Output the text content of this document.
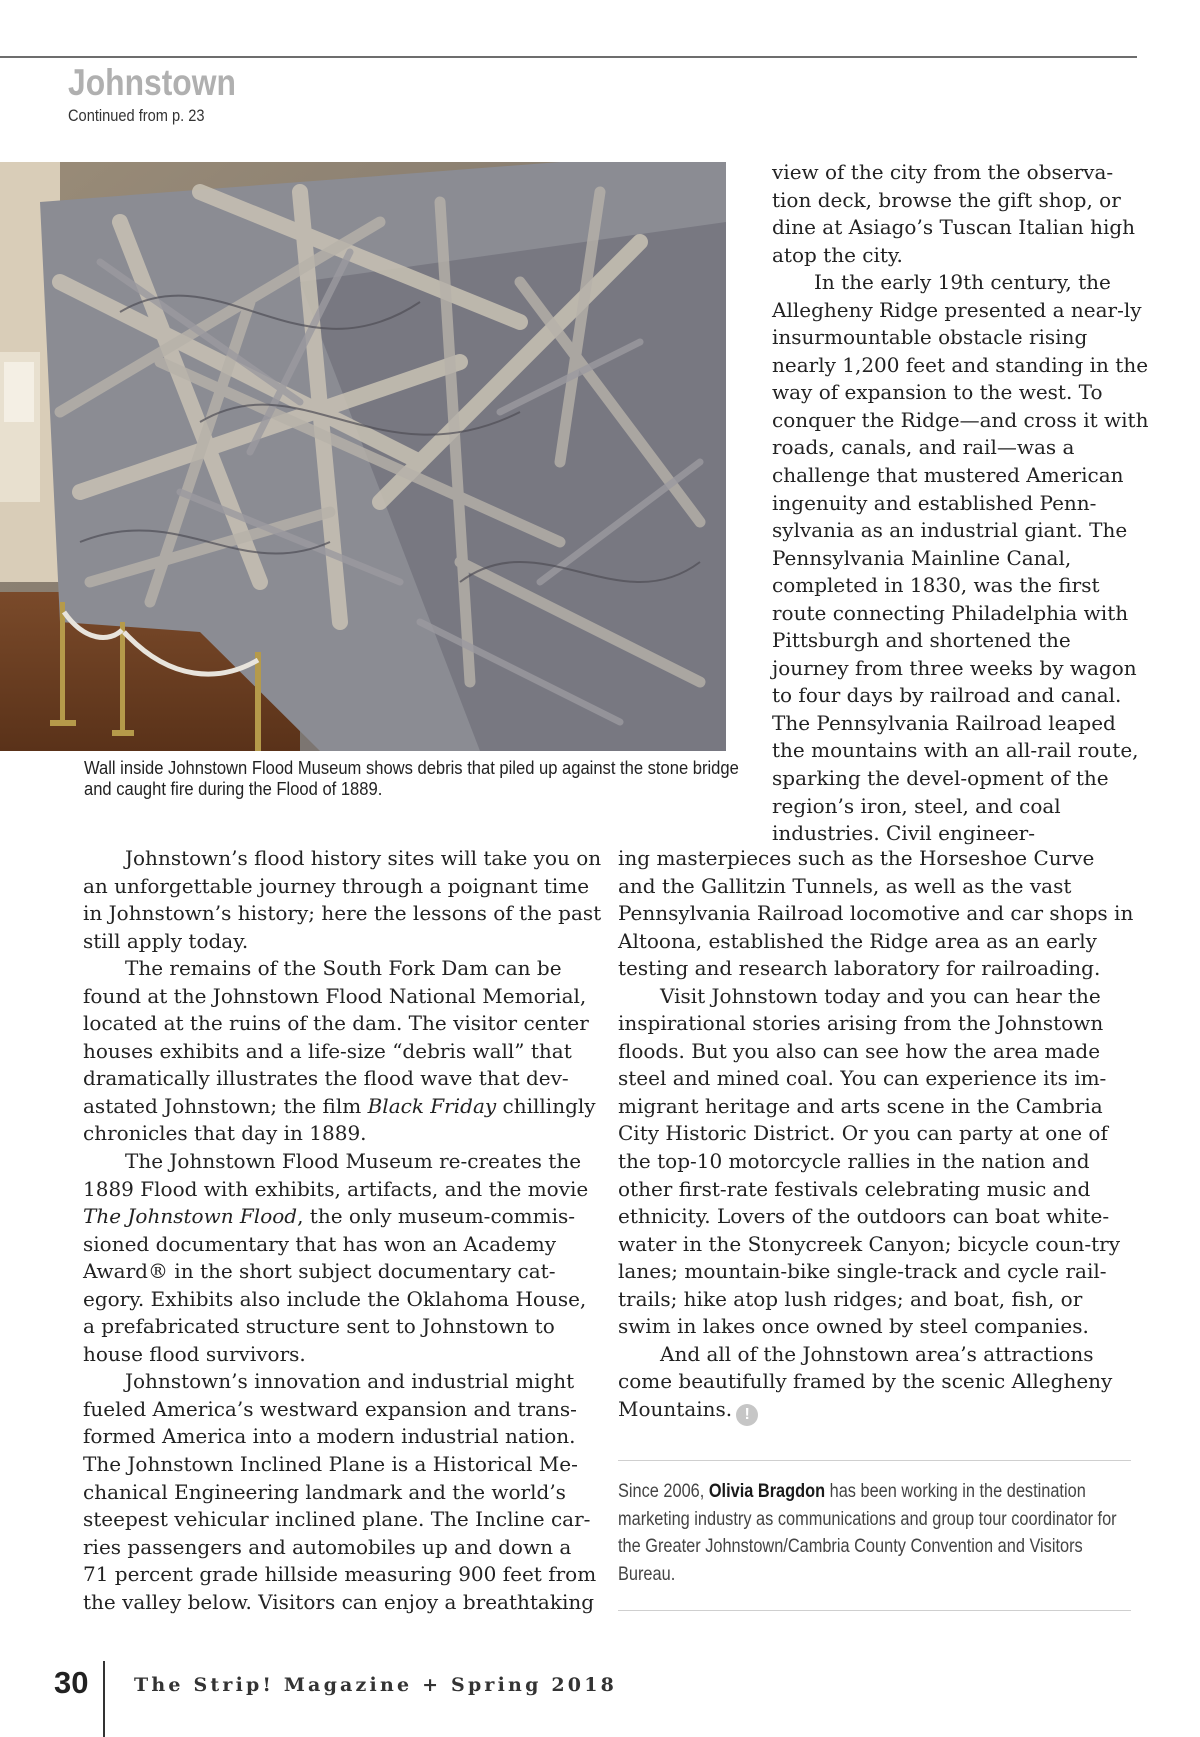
Johnstown
Continued from p. 23
Wall inside Johnstown Flood Museum shows debris that piled up against the stone bridge and caught fire during the Flood of 1889.

view of the city from the observa-tion deck, browse the gift shop, or dine at Asiago’s Tuscan Italian high atop the city.

In the early 19th century, the Allegheny Ridge presented a near-ly insurmountable obstacle rising nearly 1,200 feet and standing in the way of expansion to the west. To conquer the Ridge—and cross it with roads, canals, and rail—was a challenge that mustered American ingenuity and established Penn-sylvania as an industrial giant. The Pennsylvania Mainline Canal, completed in 1830, was the first route connecting Philadelphia with Pittsburgh and shortened the journey from three weeks by wagon to four days by railroad and canal. The Pennsylvania Railroad leaped the mountains with an all-rail route, sparking the devel-opment of the region’s iron, steel, and coal industries. Civil engineer-

Johnstown’s flood history sites will take you on an unforgettable journey through a poignant time in Johnstown’s history; here the lessons of the past still apply today.

The remains of the South Fork Dam can be found at the Johnstown Flood National Memorial, located at the ruins of the dam. The visitor center houses exhibits and a life-size “debris wall” that dramatically illustrates the flood wave that dev-astated Johnstown; the film Black Friday chillingly chronicles that day in 1889.

The Johnstown Flood Museum re-creates the 1889 Flood with exhibits, artifacts, and the movie The Johnstown Flood, the only museum-commis-sioned documentary that has won an Academy Award® in the short subject documentary cat-egory. Exhibits also include the Oklahoma House, a prefabricated structure sent to Johnstown to house flood survivors.

Johnstown’s innovation and industrial might fueled America’s westward expansion and trans-formed America into a modern industrial nation. The Johnstown Inclined Plane is a Historical Me-chanical Engineering landmark and the world’s steepest vehicular inclined plane. The Incline car-ries passengers and automobiles up and down a 71 percent grade hillside measuring 900 feet from the valley below. Visitors can enjoy a breathtaking

ing masterpieces such as the Horseshoe Curve and the Gallitzin Tunnels, as well as the vast Pennsylvania Railroad locomotive and car shops in Altoona, established the Ridge area as an early testing and research laboratory for railroading.

Visit Johnstown today and you can hear the inspirational stories arising from the Johnstown floods. But you also can see how the area made steel and mined coal. You can experience its im-migrant heritage and arts scene in the Cambria City Historic District. Or you can party at one of the top-10 motorcycle rallies in the nation and other first-rate festivals celebrating music and ethnicity. Lovers of the outdoors can boat white-water in the Stonycreek Canyon; bicycle coun-try lanes; mountain-bike single-track and cycle rail-trails; hike atop lush ridges; and boat, fish, or swim in lakes once owned by steel companies.

And all of the Johnstown area’s attractions come beautifully framed by the scenic Allegheny Mountains. !

Since 2006, Olivia Bragdon has been working in the destination marketing industry as communications and group tour coordinator for the Greater Johnstown/Cambria County Convention and Visitors Bureau.
30 The Strip! Magazine + Spring 2018
